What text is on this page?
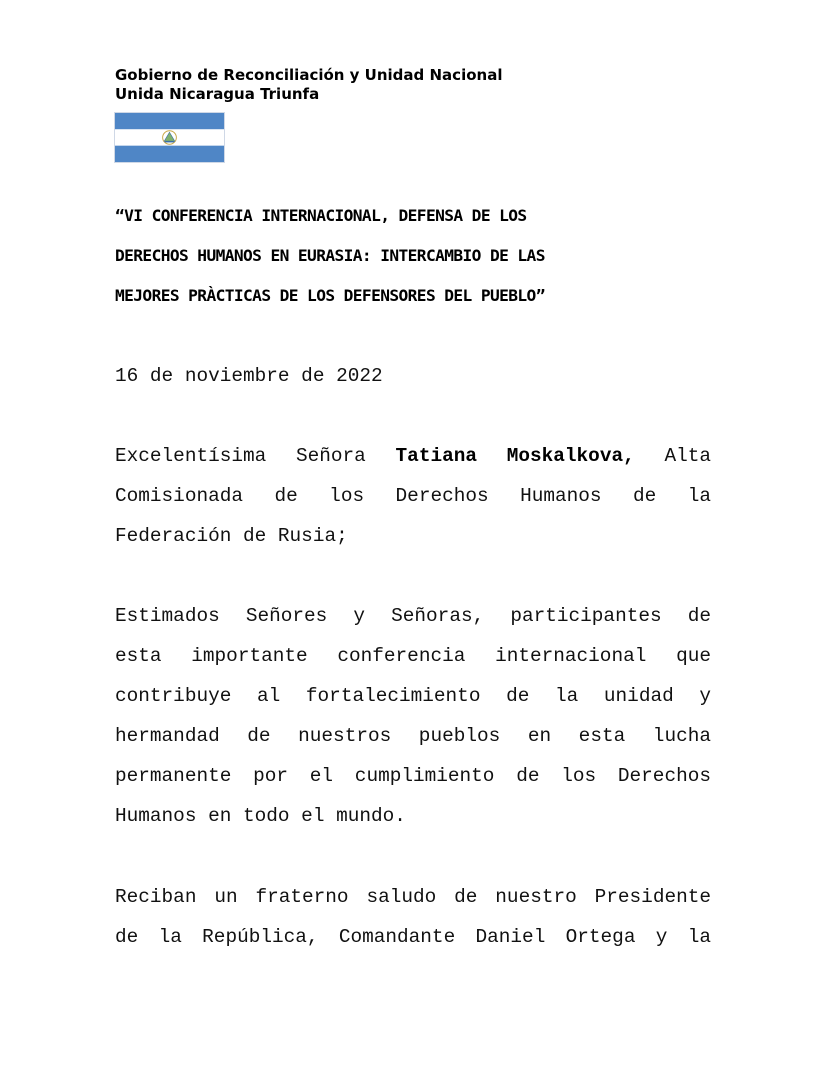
Gobierno de Reconciliación y Unidad Nacional
Unida Nicaragua Triunfa
“VI CONFERENCIA INTERNACIONAL, DEFENSA DE LOS
DERECHOS HUMANOS EN EURASIA: INTERCAMBIO DE LAS
MEJORES PRÀCTICAS DE LOS DEFENSORES DEL PUEBLO”
16 de noviembre de 2022
Excelentísima Señora Tatiana Moskalkova, Alta
Comisionada de los Derechos Humanos de la
Federación de Rusia;
Estimados Señores y Señoras, participantes de
esta importante conferencia internacional que
contribuye al fortalecimiento de la unidad y
hermandad de nuestros pueblos en esta lucha
permanente por el cumplimiento de los Derechos
Humanos en todo el mundo.
Reciban un fraterno saludo de nuestro Presidente
de la República, Comandante Daniel Ortega y la
